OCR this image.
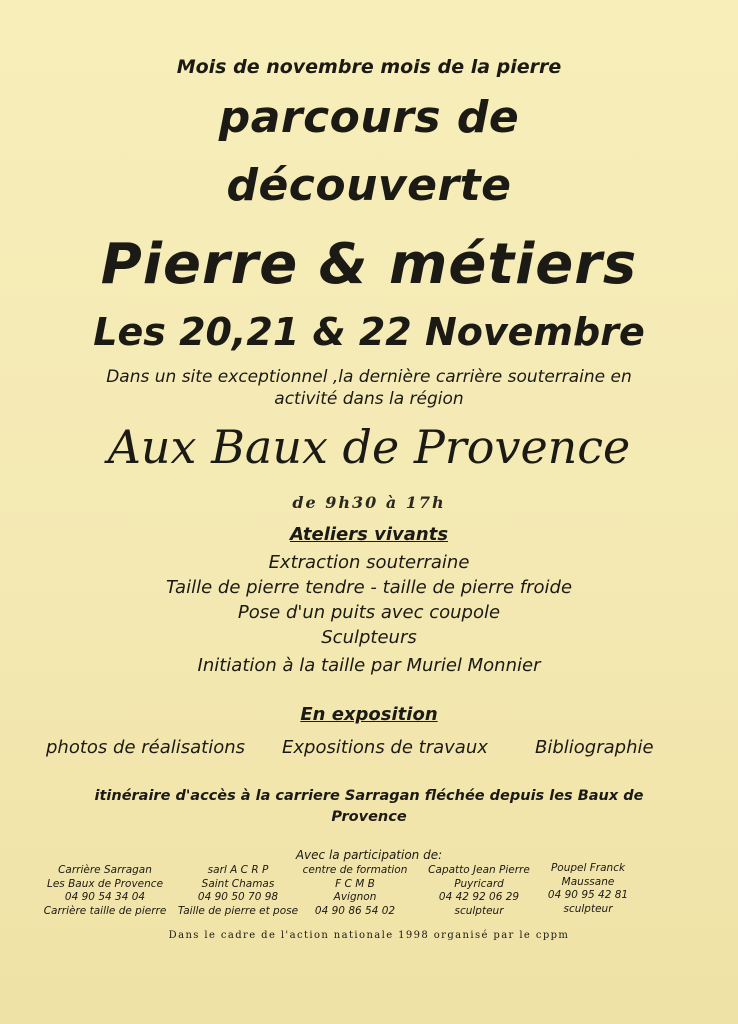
Mois de novembre mois de la pierre
parcours de
découverte
Pierre & métiers
Les 20,21 & 22 Novembre
Dans un site exceptionnel ,la dernière carrière souterraine en activité dans la région
Aux Baux de Provence
de 9h30 à 17h
Ateliers vivants
Extraction souterraine
Taille de pierre tendre - taille de pierre froide
Pose d'un puits avec coupole
Sculpteurs
Initiation à la taille par Muriel Monnier
En exposition
photos de réalisations Expositions de travaux	Bibliographie
itinéraire d'accès à la carriere Sarragan fléchée depuis les Baux de Provence
Avec la participation de:
Carrière Sarragan
Les Baux de Provence
04 90 54 34 04
Carrière taille de pierre
sarl A C R P
Saint Chamas
04 90 50 70 98
Taille de pierre et pose
centre de formation
F C M B
Avignon
04 90 86 54 02
Capatto Jean Pierre
Puyricard
04 42 92 06 29
sculpteur
Poupel Franck
Maussane
04 90 95 42 81
sculpteur
Dans le cadre de l'action nationale 1998 organisé par le cppm
